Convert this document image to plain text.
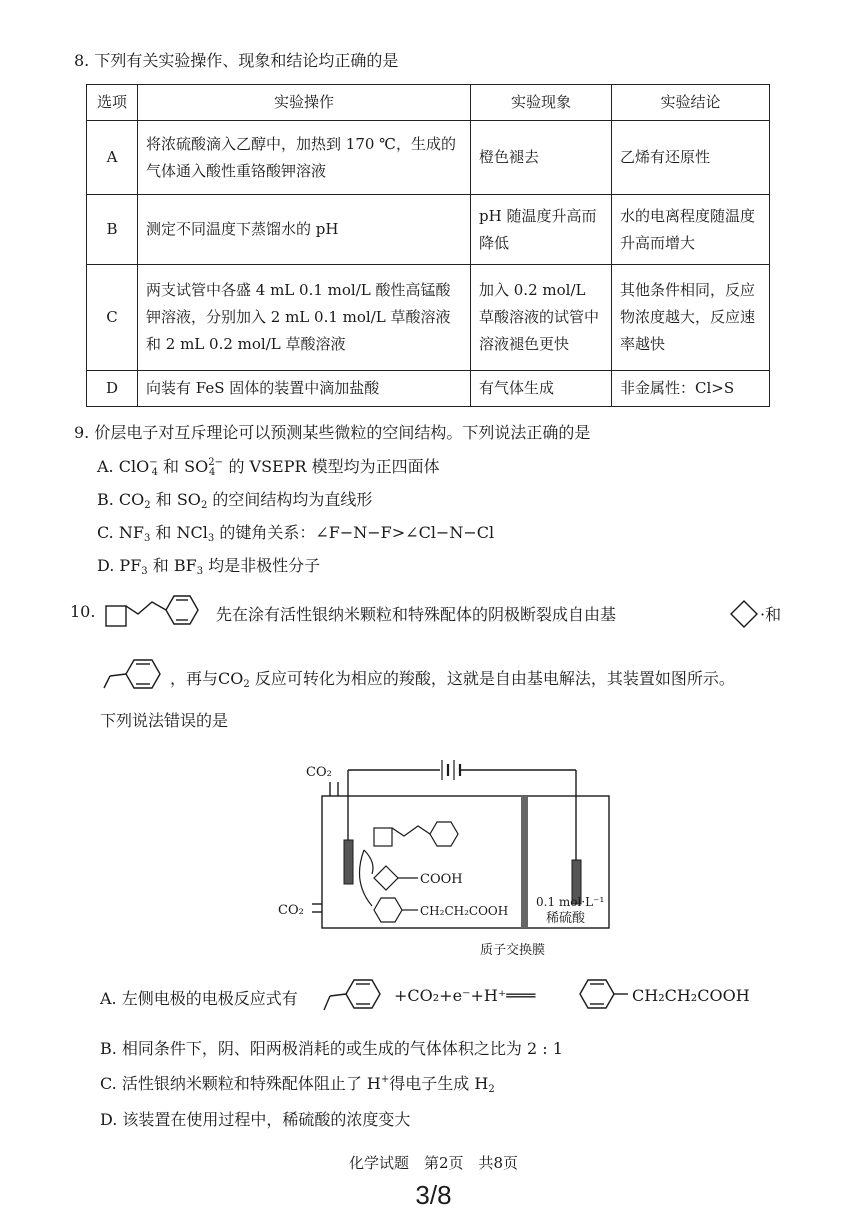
8. 下列有关实验操作、现象和结论均正确的是
选项	实验操作	实验现象	实验结论
A	将浓硫酸滴入乙醇中，加热到 170 ℃，生成的气体通入酸性重铬酸钾溶液	橙色褪去	乙烯有还原性
B	测定不同温度下蒸馏水的 pH	pH 随温度升高而降低	水的电离程度随温度升高而增大
C	两支试管中各盛 4 mL 0.1 mol/L 酸性高锰酸钾溶液，分别加入 2 mL 0.1 mol/L 草酸溶液和 2 mL 0.2 mol/L 草酸溶液	加入 0.2 mol/L 草酸溶液的试管中溶液褪色更快	其他条件相同，反应物浓度越大，反应速率越快
D	向装有 FeS 固体的装置中滴加盐酸	有气体生成	非金属性：Cl>S
9. 价层电子对互斥理论可以预测某些微粒的空间结构。下列说法正确的是
A. ClO−$_4$ 和 $SO^{2-}_4$ 的 VSEPR 模型均为正四面体
B. $CO_2$ 和 $SO_2$ 的空间结构均为直线形
C. $NF_3$ 和 NCl$_3$ 的键角关系：∠F−N−F>∠Cl−N−Cl
D. $PF_3$ 和 $BF_3$ 均是非极性分子
10.	先在涂有活性银纳米颗粒和特殊配体的阴极断裂成自由基	·和
，再与$CO_2$ 反应可转化为相应的羧酸，这就是自由基电解法，其装置如图所示。
下列说法错误的是
CO₂
CO₂
COOH
CH₂CH₂COOH
0.1 mol·L⁻¹
稀硫酸
质子交换膜
A. 左侧电极的电极反应式有	+CO₂+e⁻+H⁺═══	CH₂CH₂COOH
B. 相同条件下，阴、阳两极消耗的或生成的气体体积之比为 2 : 1
C. 活性银纳米颗粒和特殊配体阻止了 H+得电子生成 $H_2$
D. 该装置在使用过程中，稀硫酸的浓度变大
化学试题　第2页　共8页
3/8
